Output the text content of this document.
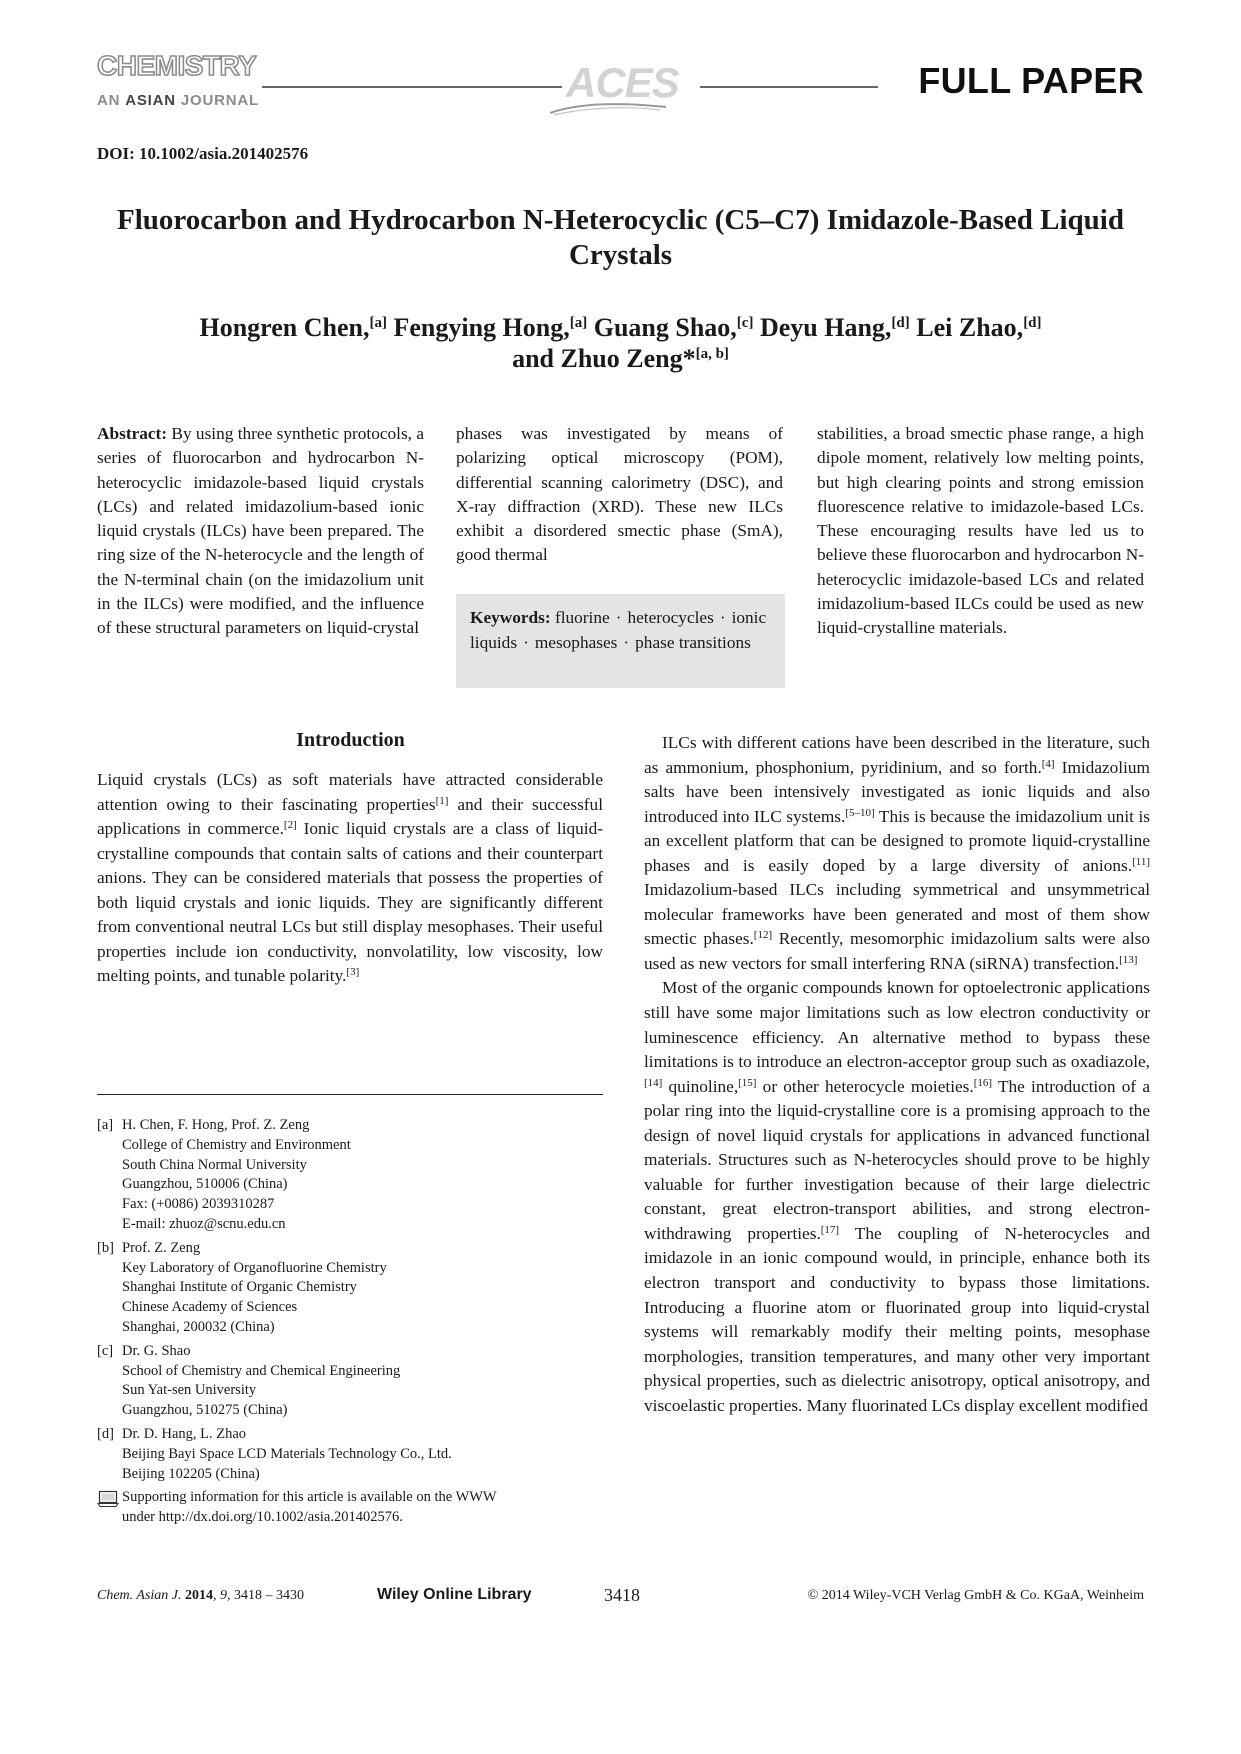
CHEMISTRY
AN ASIAN JOURNAL	ACES	FULL PAPER
DOI: 10.1002/asia.201402576
Fluorocarbon and Hydrocarbon N-Heterocyclic (C5–C7) Imidazole-Based Liquid Crystals
Hongren Chen,[a] Fengying Hong,[a] Guang Shao,[c] Deyu Hang,[d] Lei Zhao,[d]
and Zhuo Zeng*[a, b]
Abstract: By using three synthetic protocols, a series of fluorocarbon and hydrocarbon N-heterocyclic imidazole-based liquid crystals (LCs) and related imidazolium-based ionic liquid crystals (ILCs) have been prepared. The ring size of the N-heterocycle and the length of the N-terminal chain (on the imidazolium unit in the ILCs) were modified, and the influence of these structural parameters on liquid-crystal
phases was investigated by means of polarizing optical microscopy (POM), differential scanning calorimetry (DSC), and X-ray diffraction (XRD). These new ILCs exhibit a disordered smectic phase (SmA), good thermal
stabilities, a broad smectic phase range, a high dipole moment, relatively low melting points, but high clearing points and strong emission fluorescence relative to imidazole-based LCs. These encouraging results have led us to believe these fluorocarbon and hydrocarbon N-heterocyclic imidazole-based LCs and related imidazolium-based ILCs could be used as new liquid-crystalline materials.
Keywords: fluorine · heterocycles · ionic liquids · mesophases · phase transitions
Introduction

Liquid crystals (LCs) as soft materials have attracted considerable attention owing to their fascinating properties[1] and their successful applications in commerce.[2] Ionic liquid crystals are a class of liquid-crystalline compounds that contain salts of cations and their counterpart anions. They can be considered materials that possess the properties of both liquid crystals and ionic liquids. They are significantly different from conventional neutral LCs but still display mesophases. Their useful properties include ion conductivity, nonvolatility, low viscosity, low melting points, and tunable polarity.[3]

ILCs with different cations have been described in the literature, such as ammonium, phosphonium, pyridinium, and so forth.[4] Imidazolium salts have been intensively investigated as ionic liquids and also introduced into ILC systems.[5–10] This is because the imidazolium unit is an excellent platform that can be designed to promote liquid-crystalline phases and is easily doped by a large diversity of anions.[11] Imidazolium-based ILCs including symmetrical and unsymmetrical molecular frameworks have been generated and most of them show smectic phases.[12] Recently, mesomorphic imidazolium salts were also used as new vectors for small interfering RNA (siRNA) transfection.[13]

Most of the organic compounds known for optoelectronic applications still have some major limitations such as low electron conductivity or luminescence efficiency. An alternative method to bypass these limitations is to introduce an electron-acceptor group such as oxadiazole,[14] quinoline,[15] or other heterocycle moieties.[16] The introduction of a polar ring into the liquid-crystalline core is a promising approach to the design of novel liquid crystals for applications in advanced functional materials. Structures such as N-heterocycles should prove to be highly valuable for further investigation because of their large dielectric constant, great electron-transport abilities, and strong electron-withdrawing properties.[17] The coupling of N-heterocycles and imidazole in an ionic compound would, in principle, enhance both its electron transport and conductivity to bypass those limitations. Introducing a fluorine atom or fluorinated group into liquid-crystal systems will remarkably modify their melting points, mesophase morphologies, transition temperatures, and many other very important physical properties, such as dielectric anisotropy, optical anisotropy, and viscoelastic properties. Many fluorinated LCs display excellent modified

[a] H. Chen, F. Hong, Prof. Z. Zeng
College of Chemistry and Environment
South China Normal University
Guangzhou, 510006 (China)
Fax: (+0086) 2039310287
E-mail: zhuoz@scnu.edu.cn
[b] Prof. Z. Zeng
Key Laboratory of Organofluorine Chemistry
Shanghai Institute of Organic Chemistry
Chinese Academy of Sciences
Shanghai, 200032 (China)
[c] Dr. G. Shao
School of Chemistry and Chemical Engineering
Sun Yat-sen University
Guangzhou, 510275 (China)
[d] Dr. D. Hang, L. Zhao
Beijing Bayi Space LCD Materials Technology Co., Ltd.
Beijing 102205 (China)
Supporting information for this article is available on the WWW
under http://dx.doi.org/10.1002/asia.201402576.
Chem. Asian J. 2014, 9, 3418 – 3430	Wiley Online Library	3418	© 2014 Wiley-VCH Verlag GmbH & Co. KGaA, Weinheim
